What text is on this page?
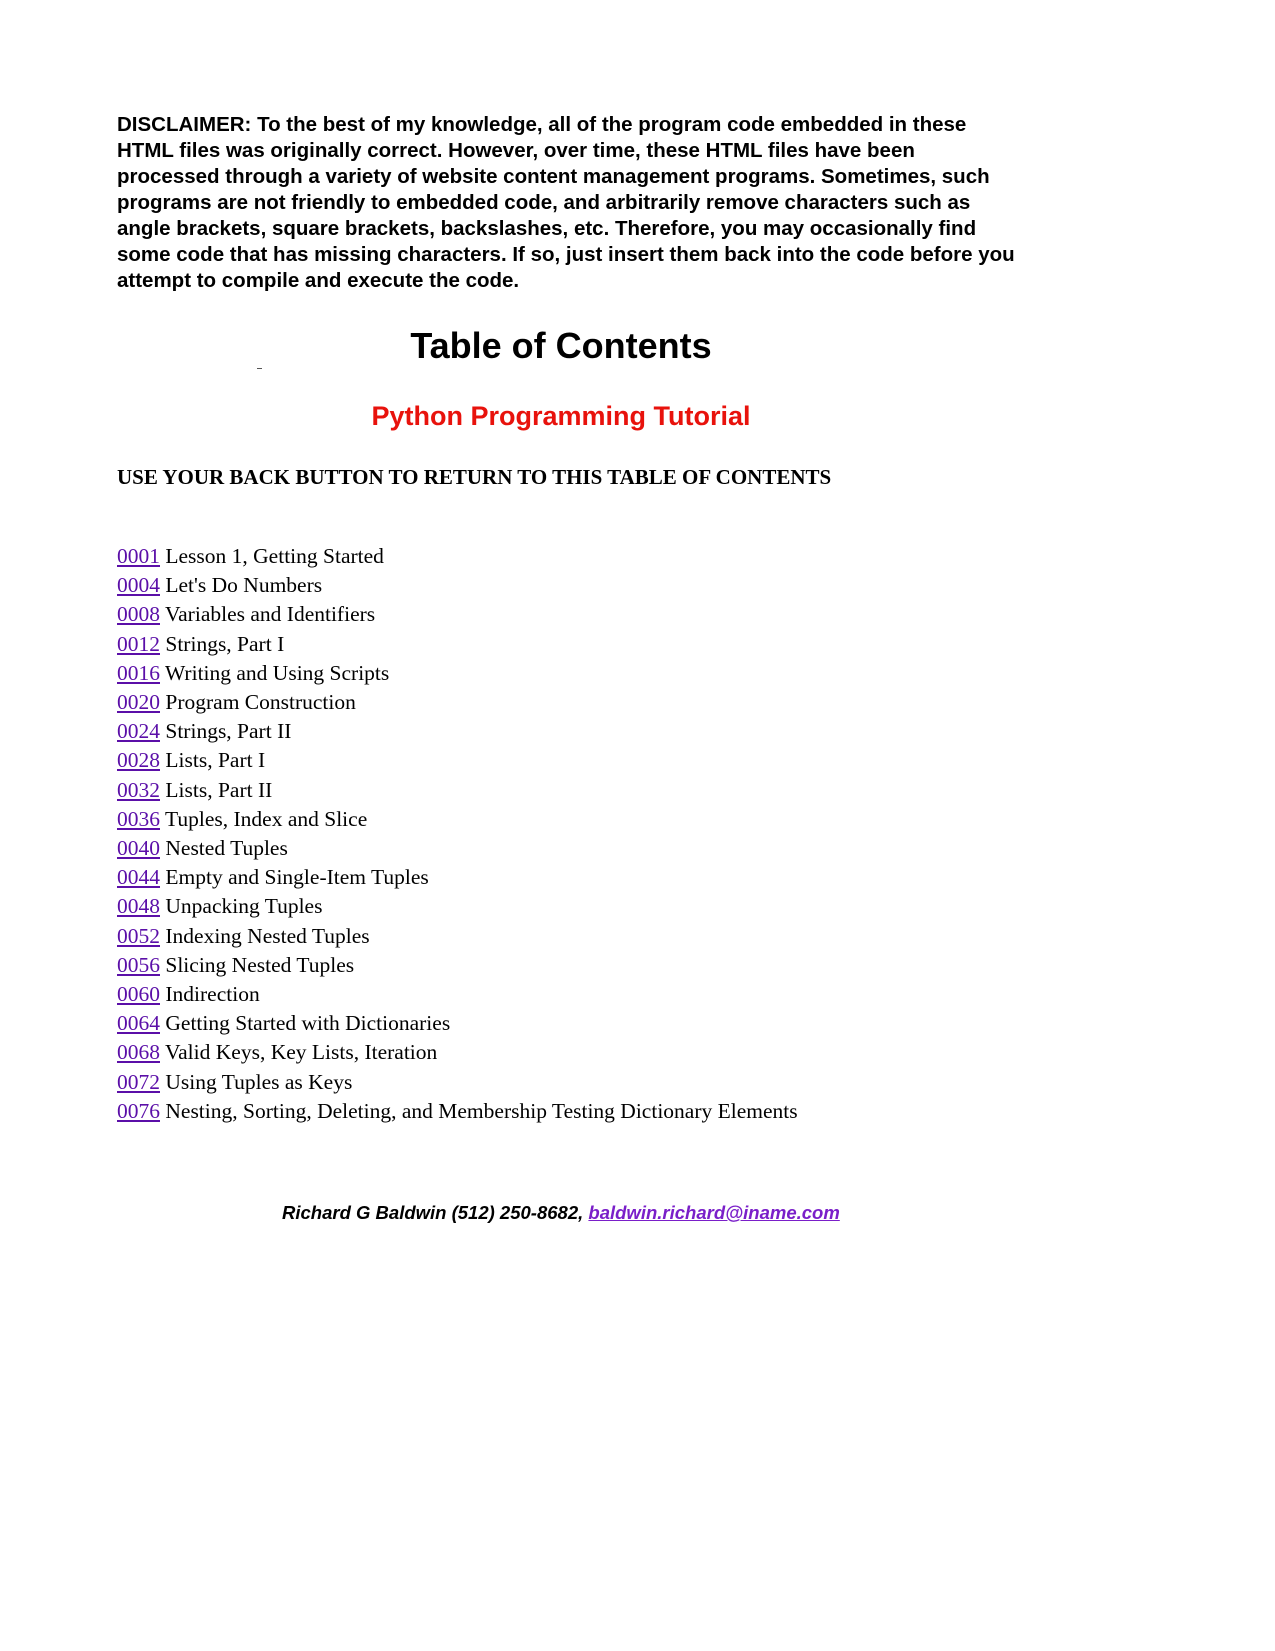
DISCLAIMER: To the best of my knowledge, all of the program code embedded in these HTML files was originally correct. However, over time, these HTML files have been processed through a variety of website content management programs. Sometimes, such programs are not friendly to embedded code, and arbitrarily remove characters such as angle brackets, square brackets, backslashes, etc. Therefore, you may occasionally find some code that has missing characters. If so, just insert them back into the code before you attempt to compile and execute the code.

Table of Contents
Python Programming Tutorial

USE YOUR BACK BUTTON TO RETURN TO THIS TABLE OF CONTENTS

0001 Lesson 1, Getting Started
0004 Let's Do Numbers
0008 Variables and Identifiers
0012 Strings, Part I
0016 Writing and Using Scripts
0020 Program Construction
0024 Strings, Part II
0028 Lists, Part I
0032 Lists, Part II
0036 Tuples, Index and Slice
0040 Nested Tuples
0044 Empty and Single-Item Tuples
0048 Unpacking Tuples
0052 Indexing Nested Tuples
0056 Slicing Nested Tuples
0060 Indirection
0064 Getting Started with Dictionaries
0068 Valid Keys, Key Lists, Iteration
0072 Using Tuples as Keys
0076 Nesting, Sorting, Deleting, and Membership Testing Dictionary Elements
Richard G Baldwin (512) 250-8682, baldwin.richard@iname.com
